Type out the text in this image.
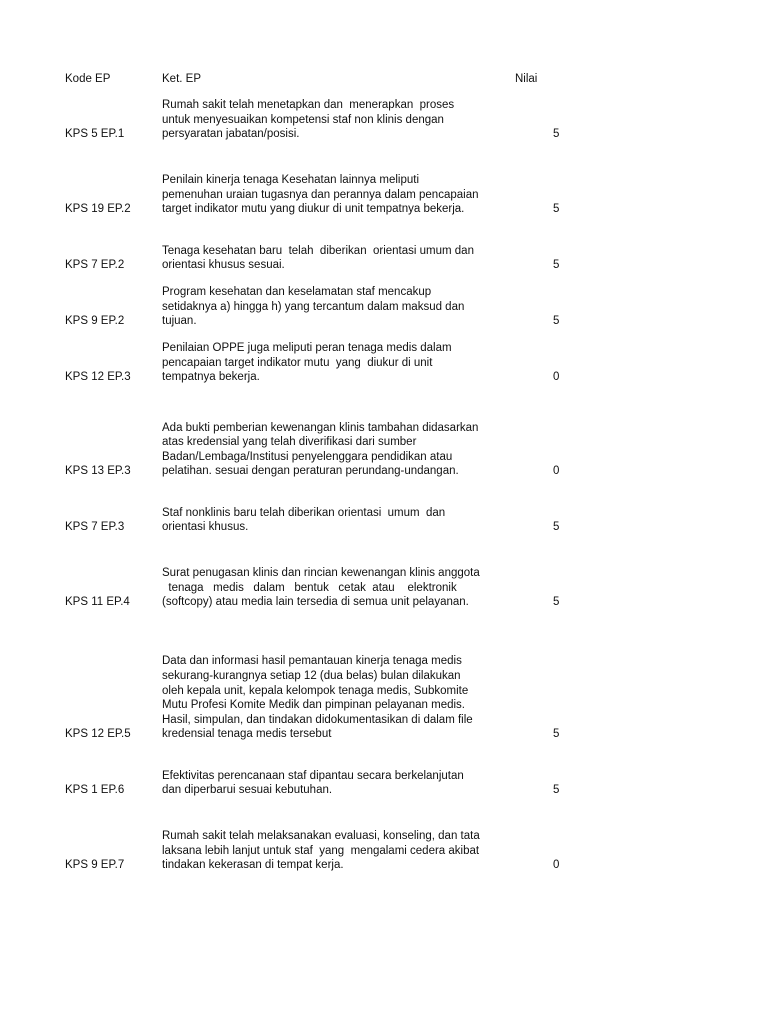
Kode EP	Ket. EP	Nilai
KPS 5 EP.1
Rumah sakit telah menetapkan dan  menerapkan  proses
untuk menyesuaikan kompetensi staf non klinis dengan
persyaratan jabatan/posisi.	5
KPS 19 EP.2
Penilain kinerja tenaga Kesehatan lainnya meliputi
pemenuhan uraian tugasnya dan perannya dalam pencapaian
target indikator mutu yang diukur di unit tempatnya bekerja.	5
KPS 7 EP.2
Tenaga kesehatan baru  telah  diberikan  orientasi umum dan
orientasi khusus sesuai.	5
KPS 9 EP.2
Program kesehatan dan keselamatan staf mencakup
setidaknya a) hingga h) yang tercantum dalam maksud dan
tujuan.	5
KPS 12 EP.3
Penilaian OPPE juga meliputi peran tenaga medis dalam
pencapaian target indikator mutu  yang  diukur di unit
tempatnya bekerja.	0
KPS 13 EP.3
Ada bukti pemberian kewenangan klinis tambahan didasarkan
atas kredensial yang telah diverifikasi dari sumber
Badan/Lembaga/Institusi penyelenggara pendidikan atau
pelatihan. sesuai dengan peraturan perundang-undangan.	0
KPS 7 EP.3
Staf nonklinis baru telah diberikan orientasi  umum  dan
orientasi khusus.	5
KPS 11 EP.4
Surat penugasan klinis dan rincian kewenangan klinis anggota
tenaga   medis   dalam   bentuk   cetak  atau    elektronik
(softcopy) atau media lain tersedia di semua unit pelayanan.	5
KPS 12 EP.5
Data dan informasi hasil pemantauan kinerja tenaga medis
sekurang-kurangnya setiap 12 (dua belas) bulan dilakukan
oleh kepala unit, kepala kelompok tenaga medis, Subkomite
Mutu Profesi Komite Medik dan pimpinan pelayanan medis.
Hasil, simpulan, dan tindakan didokumentasikan di dalam file
kredensial tenaga medis tersebut	5
KPS 1 EP.6
Efektivitas perencanaan staf dipantau secara berkelanjutan
dan diperbarui sesuai kebutuhan.	5
KPS 9 EP.7
Rumah sakit telah melaksanakan evaluasi, konseling, dan tata
laksana lebih lanjut untuk staf  yang  mengalami cedera akibat
tindakan kekerasan di tempat kerja.	0
